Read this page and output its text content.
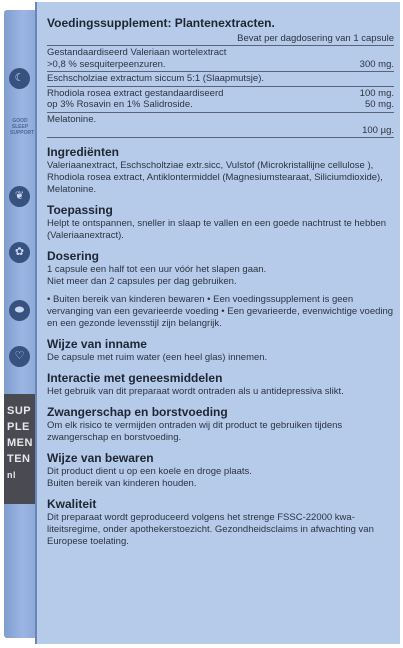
☾
GOOD
SLEEP
SUPPORT
❦
✿
⬬
♡
SUP
PLE
MEN
TEN
nl
Voedingssupplement: Plantenextracten.
Bevat per dagdosering van 1 capsule
Gestandaardiseerd Valeriaan wortelextract
>0,8 % sesquiterpeenzuren.	300 mg.
Eschscholziae extractum siccum 5:1 (Slaapmutsje).
Rhodiola rosea extract gestandaardiseerd	100 mg.
op 3% Rosavin en 1% Salidroside.	50 mg.
Melatonine.
100 µg.
Ingrediënten

Valeriaanextract, Eschscholtziae extr.sicc, Vulstof (Microkristallijne cellulose ), Rhodiola rosea extract, Antiklontermiddel (Magnesiumstearaat, Siliciumdioxide), Melatonine.

Toepassing

Helpt te ontspannen, sneller in slaap te vallen en een goede nachtrust te hebben (Valeriaanextract).

Dosering

1 capsule een half tot een uur vóór het slapen gaan.

Niet meer dan 2 capsules per dag gebruiken.

• Buiten bereik van kinderen bewaren • Een voedingssupplement is geen vervanging van een gevarieerde voeding • Een gevarieerde, evenwichtige voeding en een gezonde levensstijl zijn belangrijk.

Wijze van inname

De capsule met ruim water (een heel glas) innemen.

Interactie met geneesmiddelen

Het gebruik van dit preparaat wordt ontraden als u antidepressiva slikt.

Zwangerschap en borstvoeding

Om elk risico te vermijden ontraden wij dit product te gebruiken tijdens zwangerschap en borstvoeding.

Wijze van bewaren

Dit product dient u op een koele en droge plaats.

Buiten bereik van kinderen houden.

Kwaliteit

Dit preparaat wordt geproduceerd volgens het strenge FSSC-22000 kwa-liteitsregime, onder apothekerstoezicht. Gezondheidsclaims in afwachting van Europese toelating.
